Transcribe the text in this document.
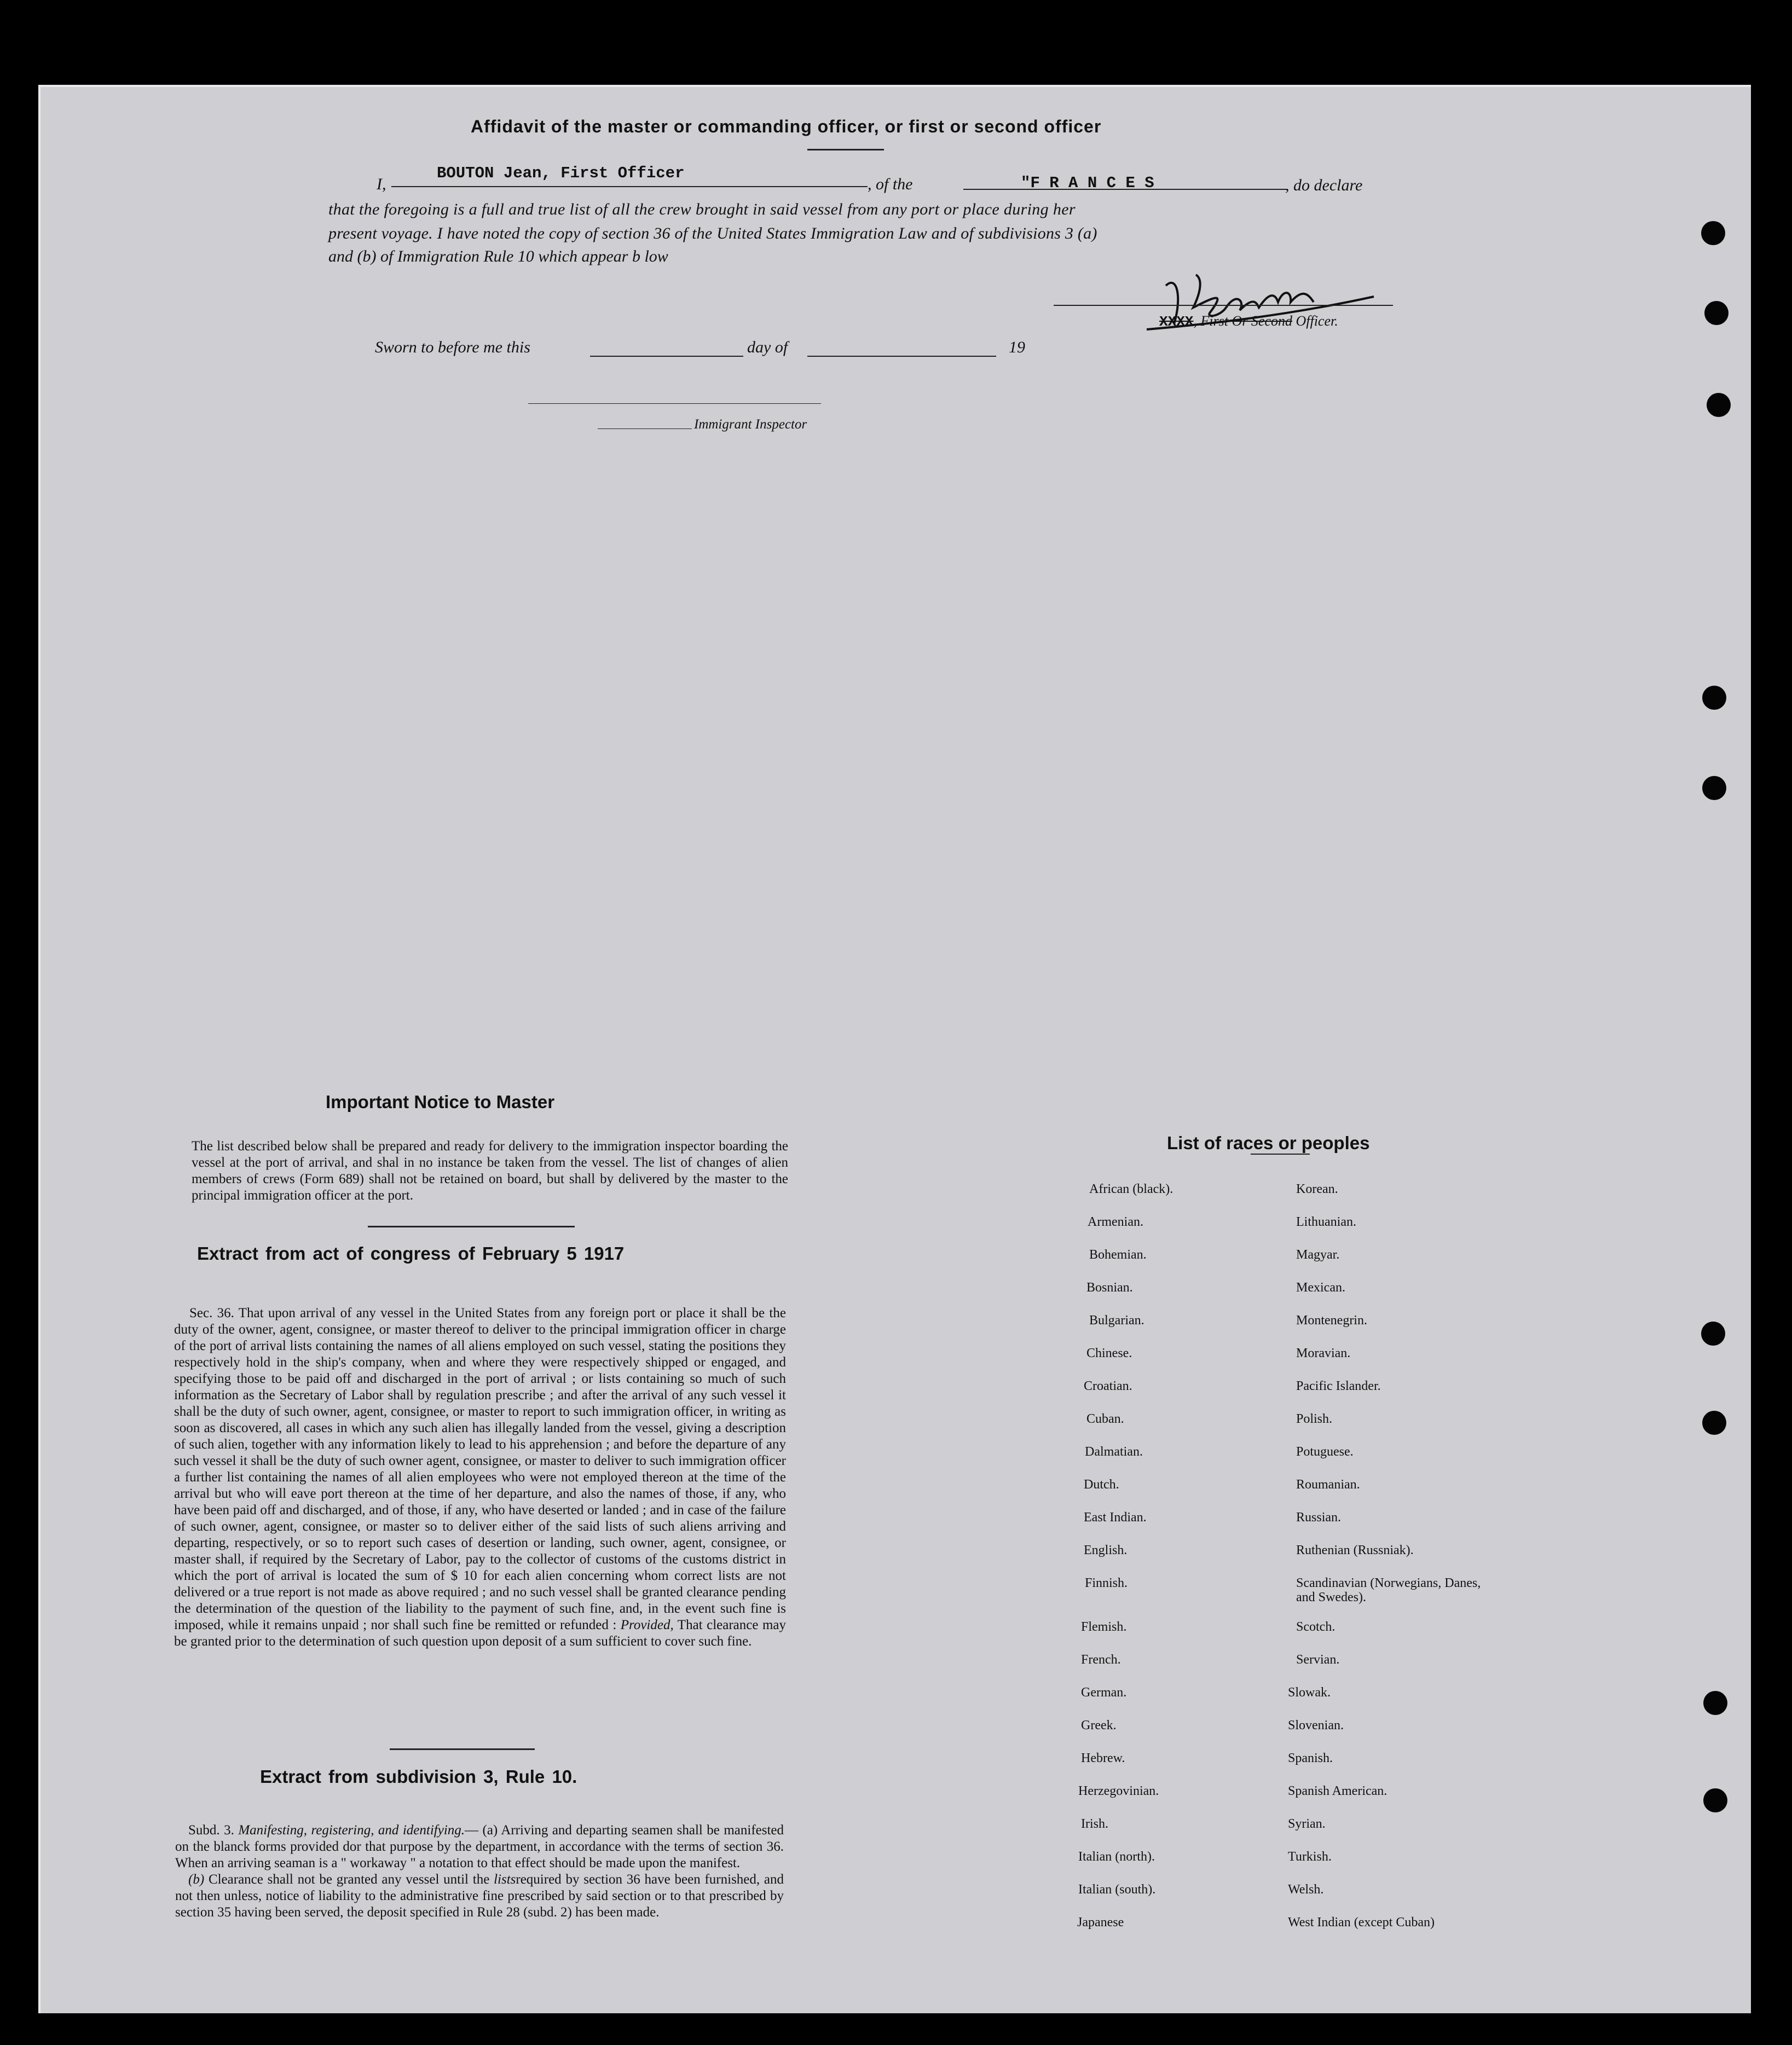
Affidavit of the master or commanding officer, or first or second officer
I,
BOUTON Jean, First Officer
, of the	"F R A N C E S	, do declare
that the foregoing is a full and true list of all the crew brought in said vessel from any port or place during her
present voyage. I have noted the copy of section 36 of the United States Immigration Law and of subdivisions 3 (a)
and (b) of Immigration Rule 10 which appear b low
XXXX, First Or Second Officer.
Sworn to before me this	day of	19
Immigrant Inspector
Important Notice to Master
The list described below shall be prepared and ready for delivery to the immigration inspector boarding the vessel at the port of arrival, and shal in no instance be taken from the vessel. The list of changes of alien members of crews (Form 689) shall not be retained on board, but shall by delivered by the master to the principal immigration officer at the port.
Extract from act of congress of February 5 1917
Sec. 36. That upon arrival of any vessel in the United States from any foreign port or place it shall be the duty of the owner, agent, consignee, or master thereof to deliver to the principal immigration officer in charge of the port of arrival lists containing the names of all aliens employed on such vessel, stating the positions they respectively hold in the ship's company, when and where they were respectively shipped or engaged, and specifying those to be paid off and discharged in the port of arrival ; or lists containing so much of such information as the Secretary of Labor shall by regulation prescribe ; and after the arrival of any such vessel it shall be the duty of such owner, agent, consignee, or master to report to such immigration officer, in writing as soon as discovered, all cases in which any such alien has illegally landed from the vessel, giving a description of such alien, together with any information likely to lead to his apprehension ; and before the departure of any such vessel it shall be the duty of such owner agent, consignee, or master to deliver to such immigration officer a further list containing the names of all alien employees who were not employed thereon at the time of the arrival but who will eave port thereon at the time of her departure, and also the names of those, if any, who have been paid off and discharged, and of those, if any, who have deserted or landed ; and in case of the failure of such owner, agent, consignee, or master so to deliver either of the said lists of such aliens arriving and departing, respectively, or so to report such cases of desertion or landing, such owner, agent, consignee, or master shall, if required by the Secretary of Labor, pay to the collector of customs of the customs district in which the port of arrival is located the sum of $ 10 for each alien concerning whom correct lists are not delivered or a true report is not made as above required ; and no such vessel shall be granted clearance pending the determination of the question of the liability to the payment of such fine, and, in the event such fine is imposed, while it remains unpaid ; nor shall such fine be remitted or refunded : Provided, That clearance may be granted prior to the determination of such question upon deposit of a sum sufficient to cover such fine.
Extract from subdivision 3, Rule 10.

Subd. 3. Manifesting, registering, and identifying.— (a) Arriving and departing seamen shall be manifested on the blanck forms provided dor that purpose by the department, in accordance with the terms of section 36. When an arriving seaman is a " workaway " a notation to that effect should be made upon the manifest.

(b) Clearance shall not be granted any vessel until the listsrequired by section 36 have been furnished, and not then unless, notice of liability to the administrative fine prescribed by said section or to that prescribed by section 35 having been served, the deposit specified in Rule 28 (subd. 2) has been made.

List of races or peoples
African (black).
Armenian.
Bohemian.
Bosnian.
Bulgarian.
Chinese.
Croatian.
Cuban.
Dalmatian.
Dutch.
East Indian.
English.
Finnish.
Flemish.
French.
German.
Greek.
Hebrew.
Herzegovinian.
Irish.
Italian (north).
Italian (south).
Japanese
Korean.
Lithuanian.
Magyar.
Mexican.
Montenegrin.
Moravian.
Pacific Islander.
Polish.
Potuguese.
Roumanian.
Russian.
Ruthenian (Russniak).
Scandinavian (Norwegians, Danes, and Swedes).
Scotch.
Servian.
Slowak.
Slovenian.
Spanish.
Spanish American.
Syrian.
Turkish.
Welsh.
West Indian (except Cuban)
